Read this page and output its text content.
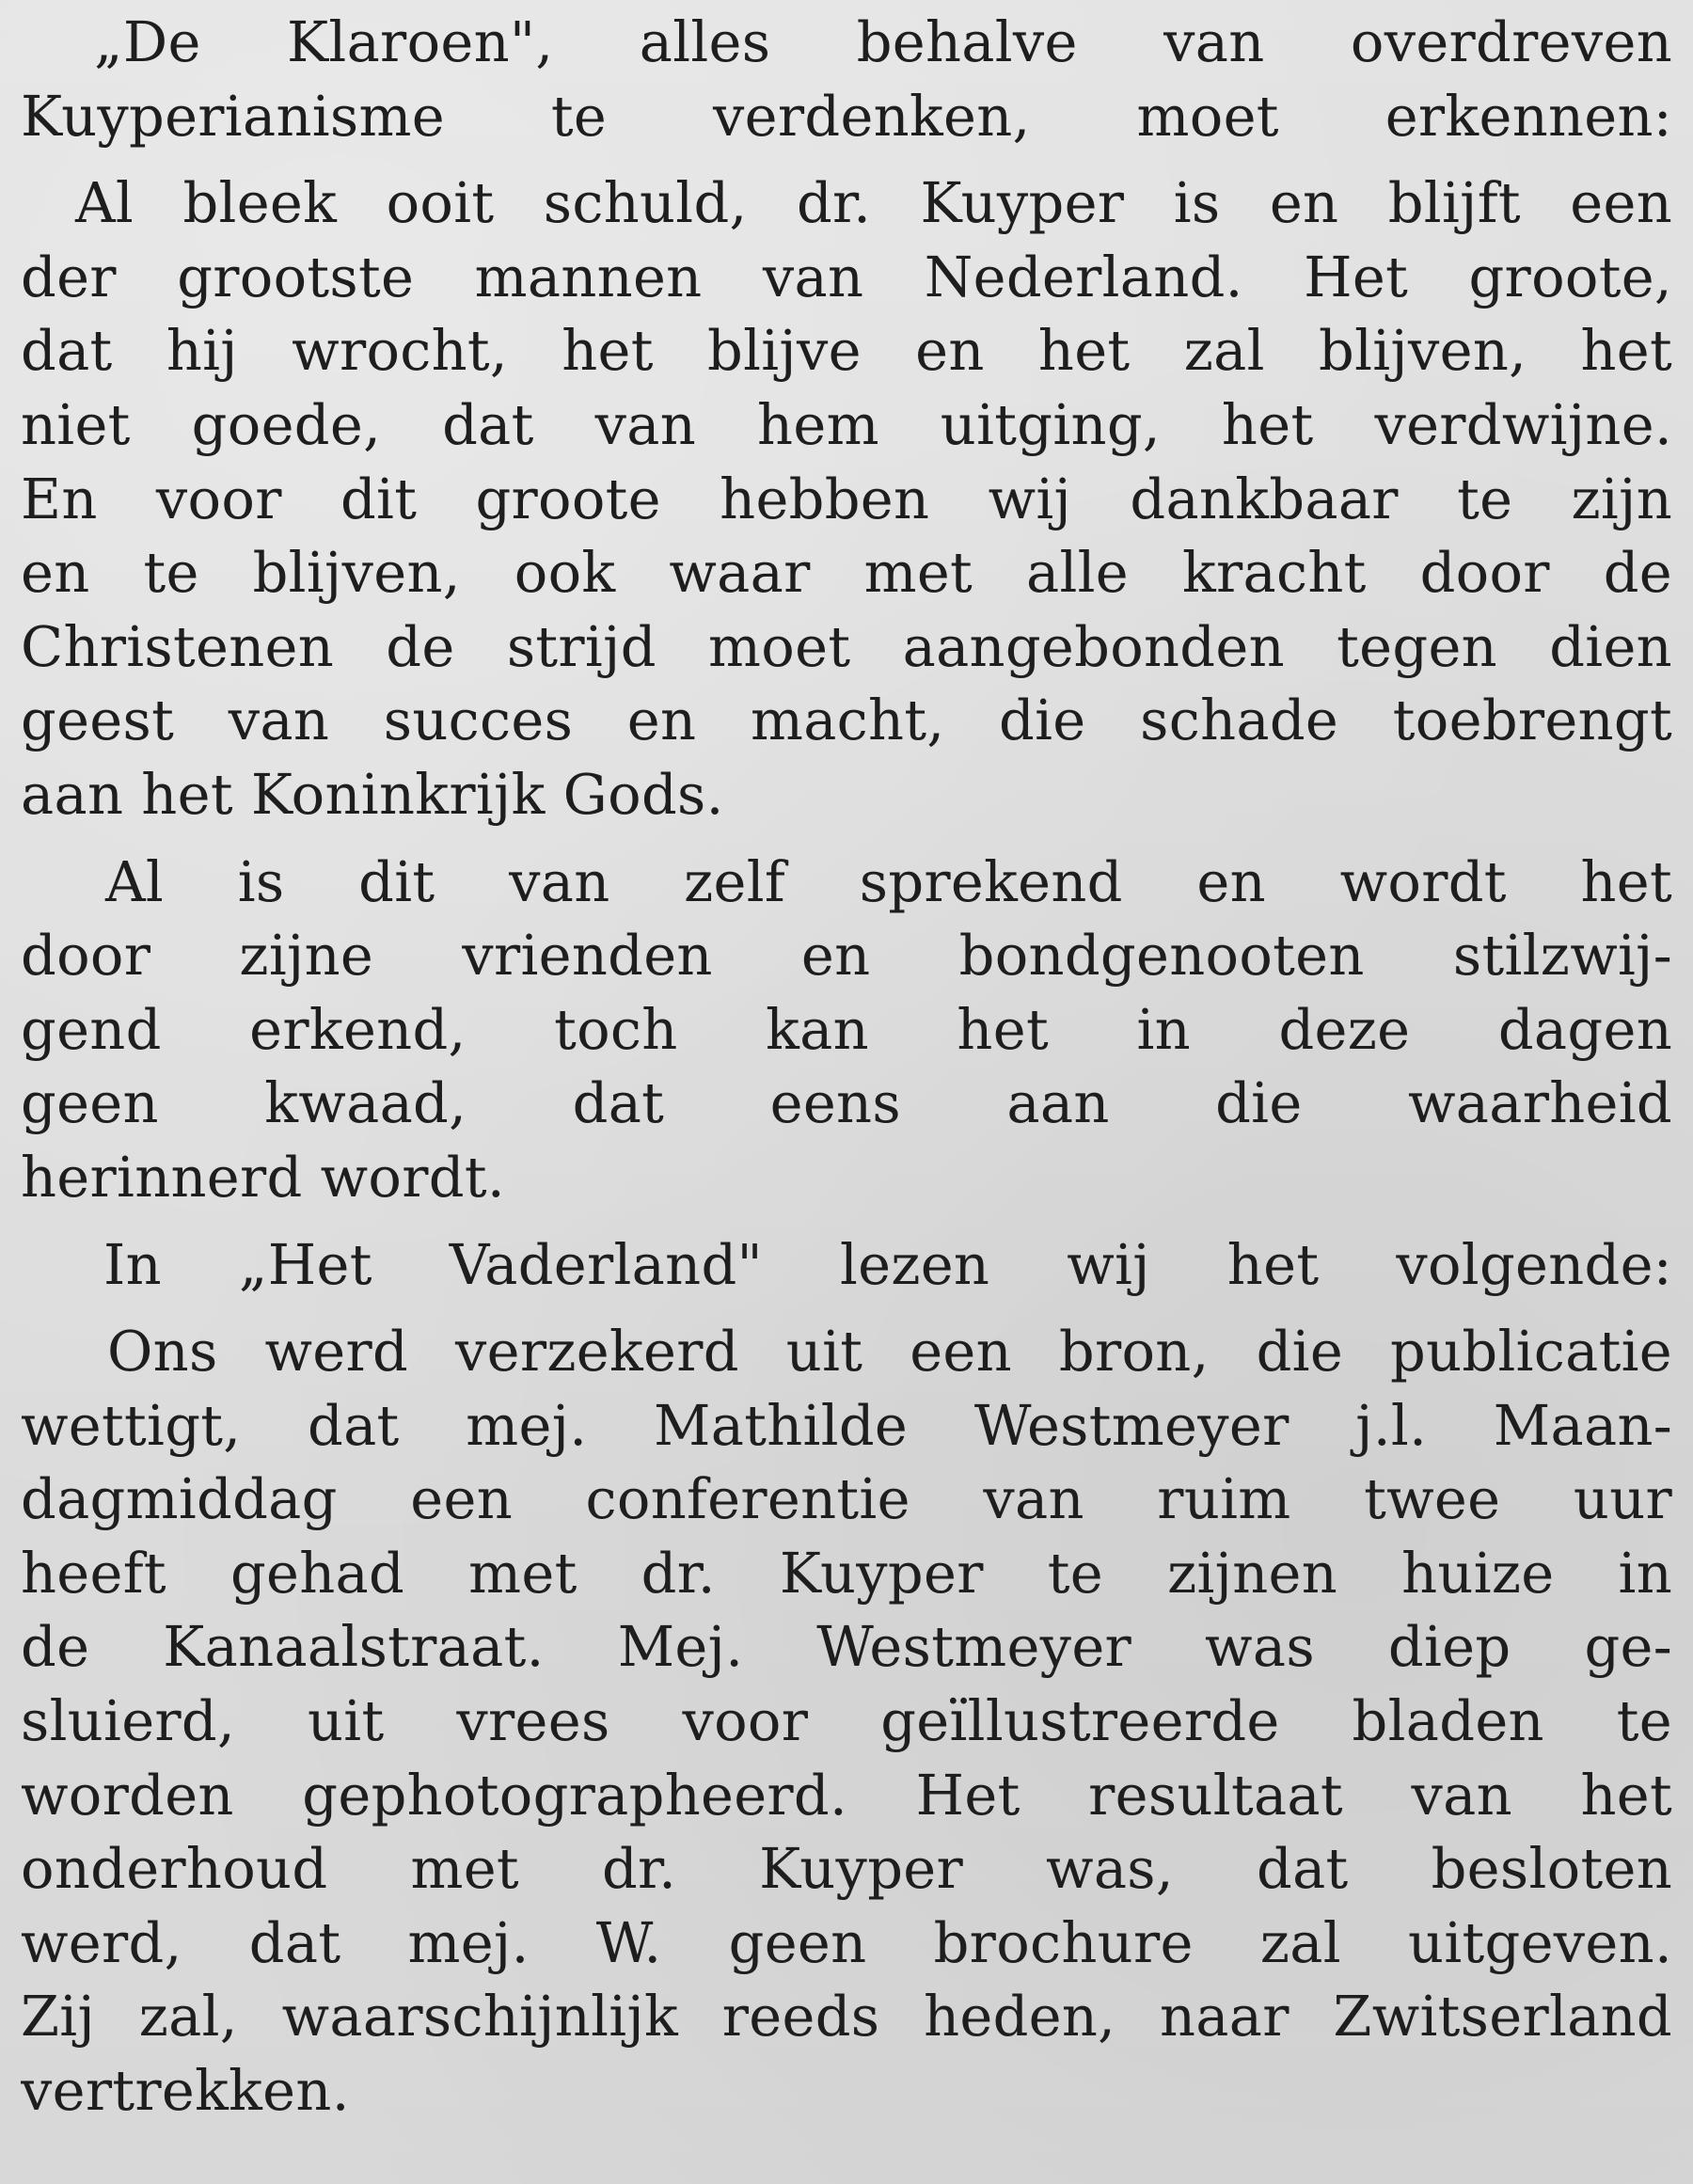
„De Klaroen", alles behalve van overdreven
Kuyperianisme te verdenken, moet erkennen:
Al bleek ooit schuld, dr. Kuyper is en blijft een
der grootste mannen van Nederland. Het groote,
dat hij wrocht, het blijve en het zal blijven, het
niet goede, dat van hem uitging, het verdwijne.
En voor dit groote hebben wij dankbaar te zijn
en te blijven, ook waar met alle kracht door de
Christenen de strijd moet aangebonden tegen dien
geest van succes en macht, die schade toebrengt
aan het Koninkrijk Gods.
Al is dit van zelf sprekend en wordt het
door zijne vrienden en bondgenooten stilzwij-
gend erkend, toch kan het in deze dagen
geen kwaad, dat eens aan die waarheid
herinnerd wordt.
In „Het Vaderland" lezen wij het volgende:
Ons werd verzekerd uit een bron, die publicatie
wettigt, dat mej. Mathilde Westmeyer j.l. Maan-
dagmiddag een conferentie van ruim twee uur
heeft gehad met dr. Kuyper te zijnen huize in
de Kanaalstraat. Mej. Westmeyer was diep ge-
sluierd, uit vrees voor geïllustreerde bladen te
worden gephotographeerd. Het resultaat van het
onderhoud met dr. Kuyper was, dat besloten
werd, dat mej. W. geen brochure zal uitgeven.
Zij zal, waarschijnlijk reeds heden, naar Zwitserland
vertrekken.
